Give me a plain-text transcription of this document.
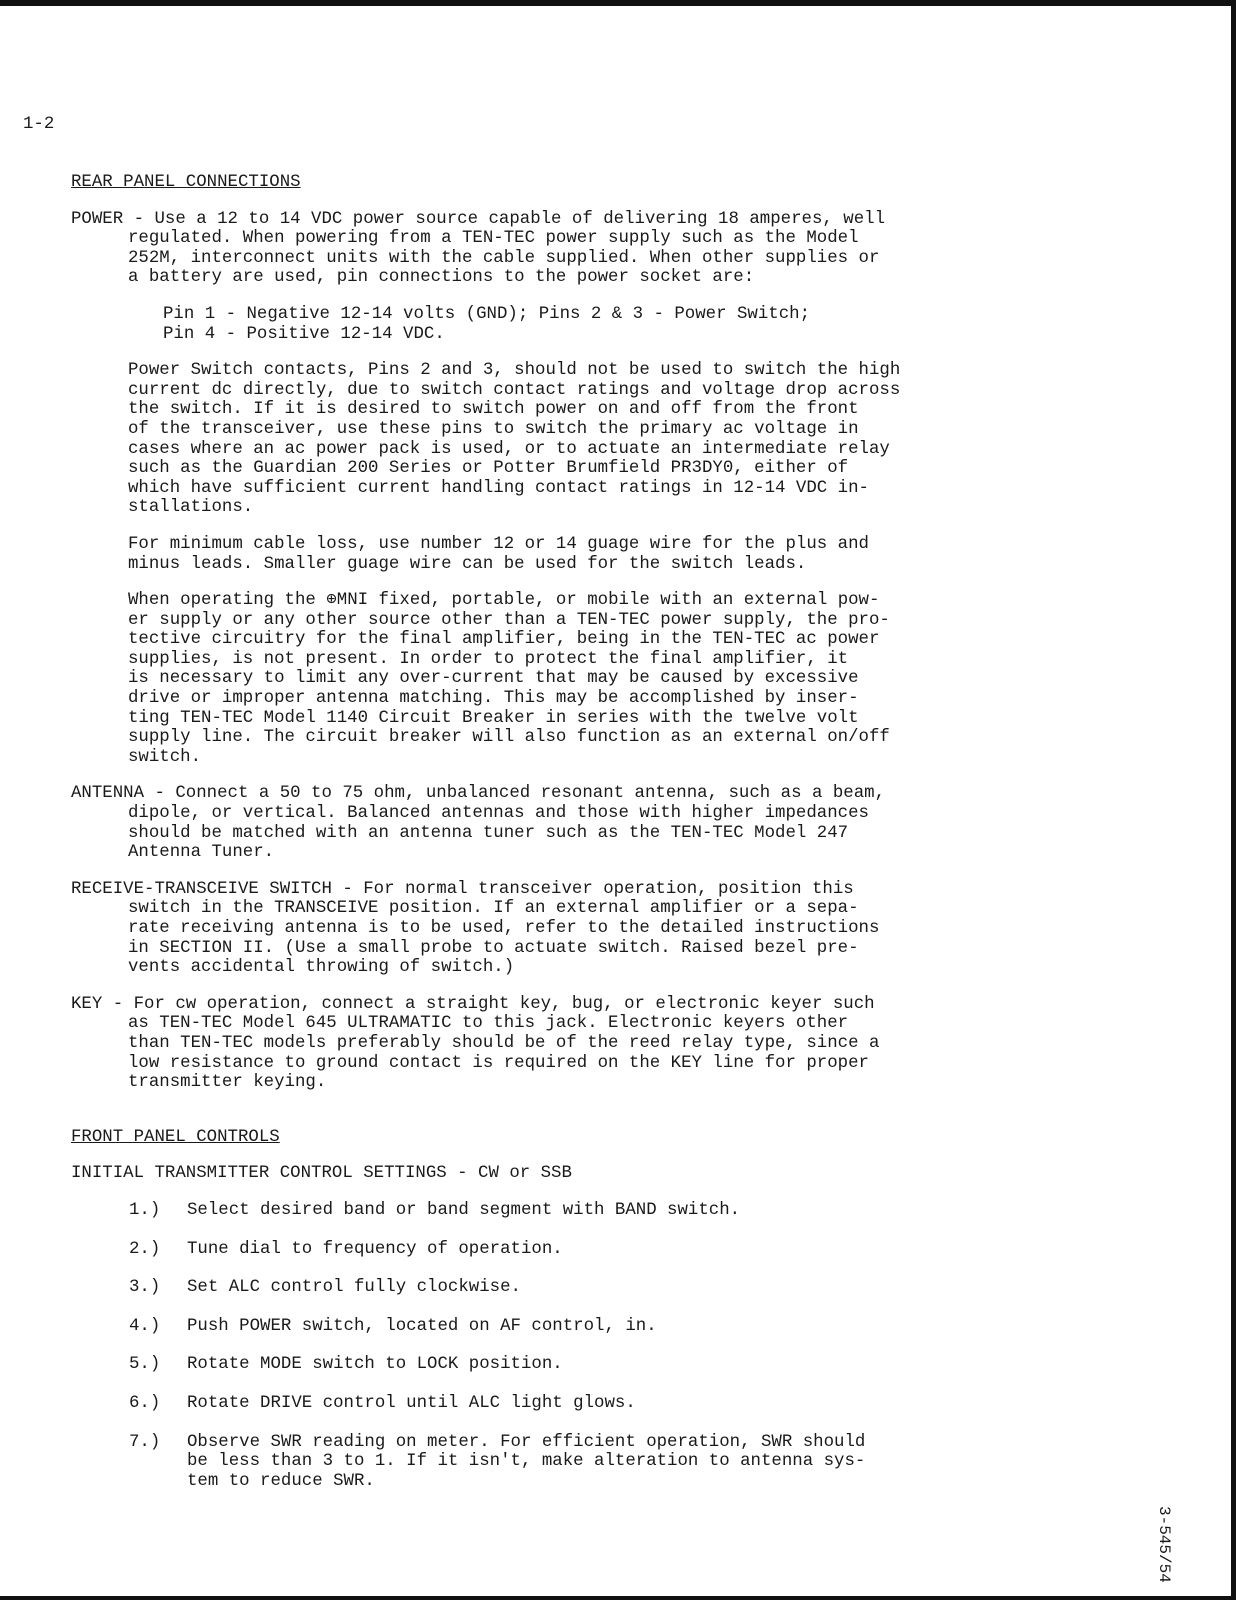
1-2

REAR PANEL CONNECTIONS

POWER - Use a 12 to 14 VDC power source capable of delivering 18 amperes, well
regulated. When powering from a TEN-TEC power supply such as the Model
252M, interconnect units with the cable supplied. When other supplies or
a battery are used, pin connections to the power socket are:

Pin 1 - Negative 12-14 volts (GND); Pins 2 & 3 - Power Switch;
Pin 4 - Positive 12-14 VDC.

Power Switch contacts, Pins 2 and 3, should not be used to switch the high
current dc directly, due to switch contact ratings and voltage drop across
the switch. If it is desired to switch power on and off from the front
of the transceiver, use these pins to switch the primary ac voltage in
cases where an ac power pack is used, or to actuate an intermediate relay
such as the Guardian 200 Series or Potter Brumfield PR3DY0, either of
which have sufficient current handling contact ratings in 12-14 VDC in-
stallations.

For minimum cable loss, use number 12 or 14 guage wire for the plus and
minus leads. Smaller guage wire can be used for the switch leads.

When operating the ⊕MNI fixed, portable, or mobile with an external pow-
er supply or any other source other than a TEN-TEC power supply, the pro-
tective circuitry for the final amplifier, being in the TEN-TEC ac power
supplies, is not present. In order to protect the final amplifier, it
is necessary to limit any over-current that may be caused by excessive
drive or improper antenna matching. This may be accomplished by inser-
ting TEN-TEC Model 1140 Circuit Breaker in series with the twelve volt
supply line. The circuit breaker will also function as an external on/off
switch.

ANTENNA - Connect a 50 to 75 ohm, unbalanced resonant antenna, such as a beam,
dipole, or vertical. Balanced antennas and those with higher impedances
should be matched with an antenna tuner such as the TEN-TEC Model 247
Antenna Tuner.

RECEIVE-TRANSCEIVE SWITCH - For normal transceiver operation, position this
switch in the TRANSCEIVE position. If an external amplifier or a sepa-
rate receiving antenna is to be used, refer to the detailed instructions
in SECTION II. (Use a small probe to actuate switch. Raised bezel pre-
vents accidental throwing of switch.)

KEY - For cw operation, connect a straight key, bug, or electronic keyer such
as TEN-TEC Model 645 ULTRAMATIC to this jack. Electronic keyers other
than TEN-TEC models preferably should be of the reed relay type, since a
low resistance to ground contact is required on the KEY line for proper
transmitter keying.

FRONT PANEL CONTROLS

INITIAL TRANSMITTER CONTROL SETTINGS - CW or SSB

1.)	Select desired band or band segment with BAND switch.
2.)	Tune dial to frequency of operation.
3.)	Set ALC control fully clockwise.
4.)	Push POWER switch, located on AF control, in.
5.)	Rotate MODE switch to LOCK position.
6.)	Rotate DRIVE control until ALC light glows.
7.)	Observe SWR reading on meter. For efficient operation, SWR should
be less than 3 to 1. If it isn't, make alteration to antenna sys-
tem to reduce SWR.
3-545/54
